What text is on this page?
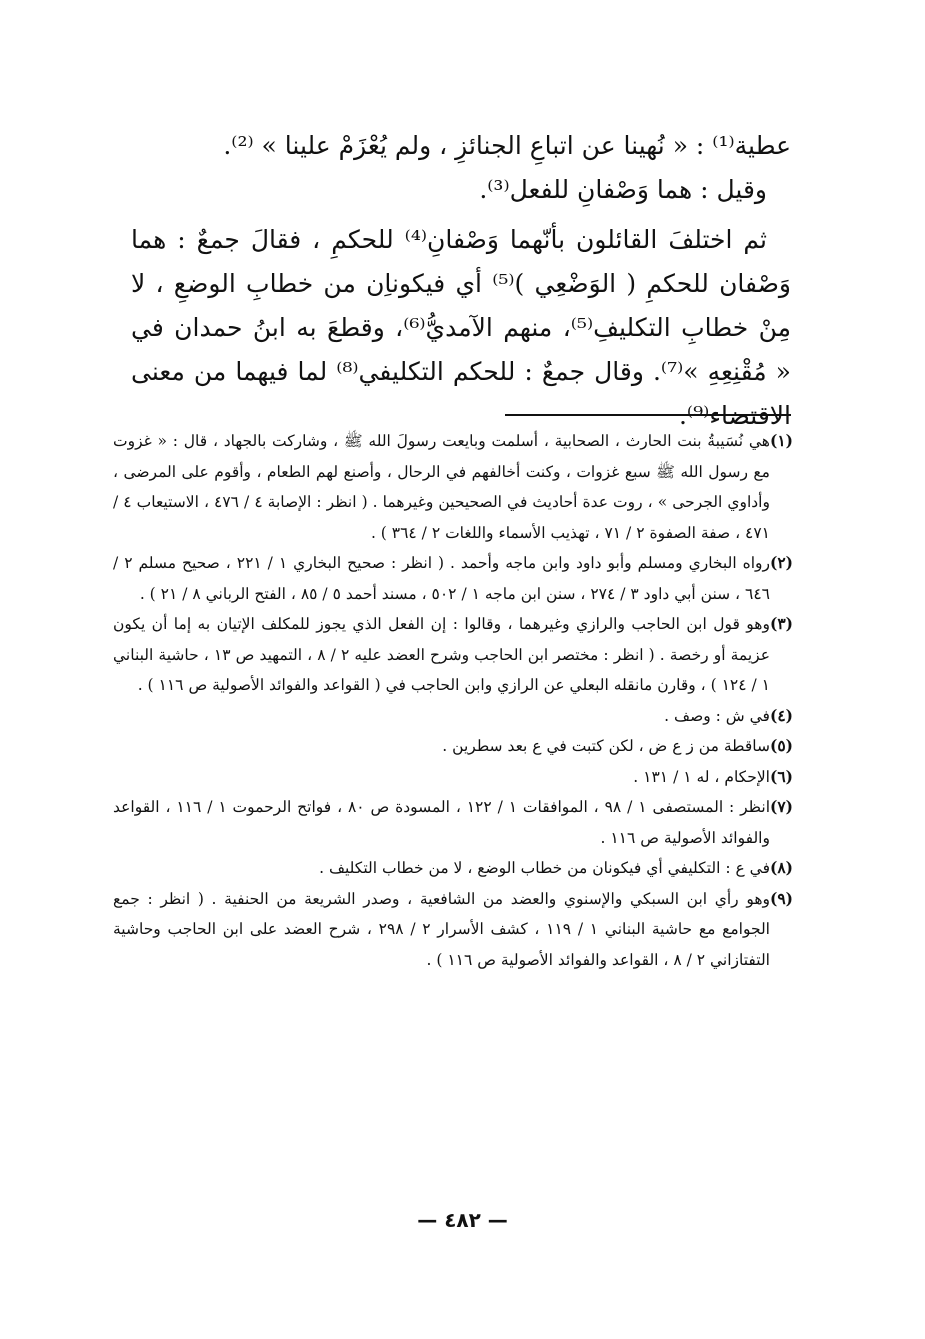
عطية⁽¹⁾ : « نُهينا عن اتباعِ الجنائزِ ، ولم يُعْزَمْ علينا » ⁽²⁾.

وقيل : هما وَصْفانِ للفعل⁽³⁾.

ثم اختلفَ القائلون بأنّهما وَصْفانِ⁽⁴⁾ للحكمِ ، فقالَ جمعٌ : هما وَصْفان للحكمِ ( الوَضْعِي )⁽⁵⁾ أي فيكوناِن من خطابِ الوضعِ ، لا مِنْ خطابِ التكليفِ⁽⁵⁾، منهم الآمديُّ⁽⁶⁾، وقطعَ به ابنُ حمدان في « مُقْنِعِهِ »⁽⁷⁾. وقال جمعٌ : للحكم التكليفي⁽⁸⁾ لما فيهما من معنى الاقتضاء⁽⁹⁾.

(١)
هي نُسَيبةُ بنت الحارث ، الصحابية ، أسلمت وبايعت رسولَ الله ﷺ ، وشاركت بالجهاد ، قال : « غزوت مع رسول الله ﷺ سبع غزوات ، وكنت أخالفهم في الرحال ، وأصنع لهم الطعام ، وأقوم على المرضى ، وأداوي الجرحى » ، روت عدة أحاديث في الصحيحين وغيرهما . ( انظر : الإصابة ٤ / ٤٧٦ ، الاستيعاب ٤ / ٤٧١ ، صفة الصفوة ٢ / ٧١ ، تهذيب الأسماء واللغات ٢ / ٣٦٤ ) .
(٢)
رواه البخاري ومسلم وأبو داود وابن ماجه وأحمد . ( انظر : صحيح البخاري ١ / ٢٢١ ، صحيح مسلم ٢ / ٦٤٦ ، سنن أبي داود ٣ / ٢٧٤ ، سنن ابن ماجه ١ / ٥٠٢ ، مسند أحمد ٥ / ٨٥ ، الفتح الرباني ٨ / ٢١ ) .
(٣)
وهو قول ابن الحاجب والرازي وغيرهما ، وقالوا : إن الفعل الذي يجوز للمكلف الإتيان به إما أن يكون عزيمة أو رخصة . ( انظر : مختصر ابن الحاجب وشرح العضد عليه ٢ / ٨ ، التمهيد ص ١٣ ، حاشية البناني ١ / ١٢٤ ) ، وقارن مانقله البعلي عن الرازي وابن الحاجب في ( القواعد والفوائد الأصولية ص ١١٦ ) .
(٤)
في ش : وصف .
(٥)
ساقطة من ز ع ض ، لكن كتبت في ع بعد سطرين .
(٦)
الإحكام ، له ١ / ١٣١ .
(٧)
انظر : المستصفى ١ / ٩٨ ، الموافقات ١ / ١٢٢ ، المسودة ص ٨٠ ، فواتح الرحموت ١ / ١١٦ ، القواعد والفوائد الأصولية ص ١١٦ .
(٨)
في ع : التكليفي أي فيكونان من خطاب الوضع ، لا من خطاب التكليف .
(٩)
وهو رأي ابن السبكي والإسنوي والعضد من الشافعية ، وصدر الشريعة من الحنفية . ( انظر : جمع الجوامع مع حاشية البناني ١ / ١١٩ ، كشف الأسرار ٢ / ٢٩٨ ، شرح العضد على ابن الحاجب وحاشية التفتازاني ٢ / ٨ ، القواعد والفوائد الأصولية ص ١١٦ ) .
— ٤٨٢ —
